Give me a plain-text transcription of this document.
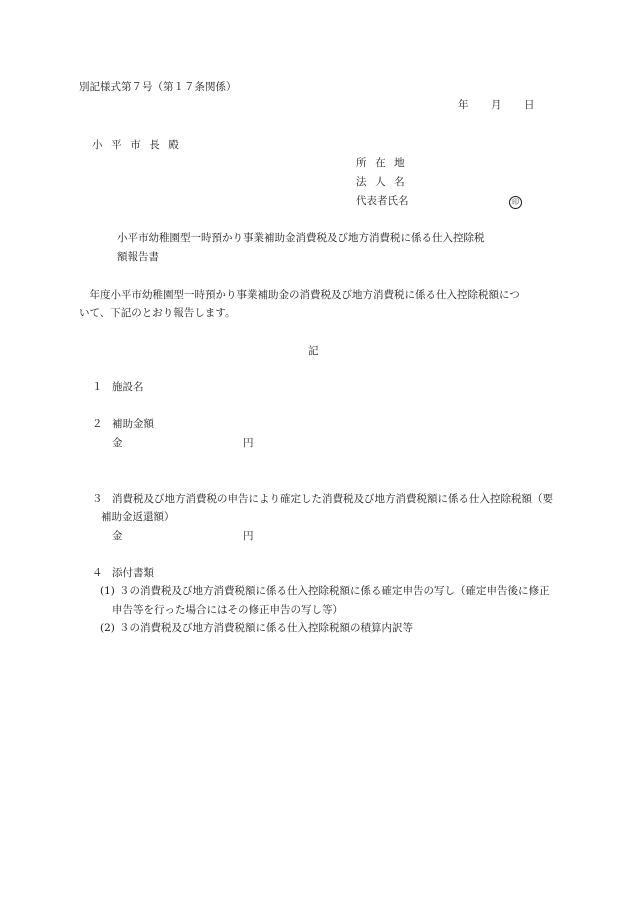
別記様式第７号（第１７条関係）
年 月 日
小 平 市 長 殿
所 在 地
法 人 名
代表者氏名	印
小平市幼稚園型一時預かり事業補助金消費税及び地方消費税に係る仕入控除税
額報告書
　年度小平市幼稚園型一時預かり事業補助金の消費税及び地方消費税に係る仕入控除税額につ
いて、下記のとおり報告します。
記
１ 施設名
２ 補助金額
金	円
３ 消費税及び地方消費税の申告により確定した消費税及び地方消費税額に係る仕入控除税額（要
補助金返還額）
金	円
４ 添付書類
(1) ３の消費税及び地方消費税額に係る仕入控除税額に係る確定申告の写し（確定申告後に修正
申告等を行った場合にはその修正申告の写し等）
(2) ３の消費税及び地方消費税額に係る仕入控除税額の積算内訳等
